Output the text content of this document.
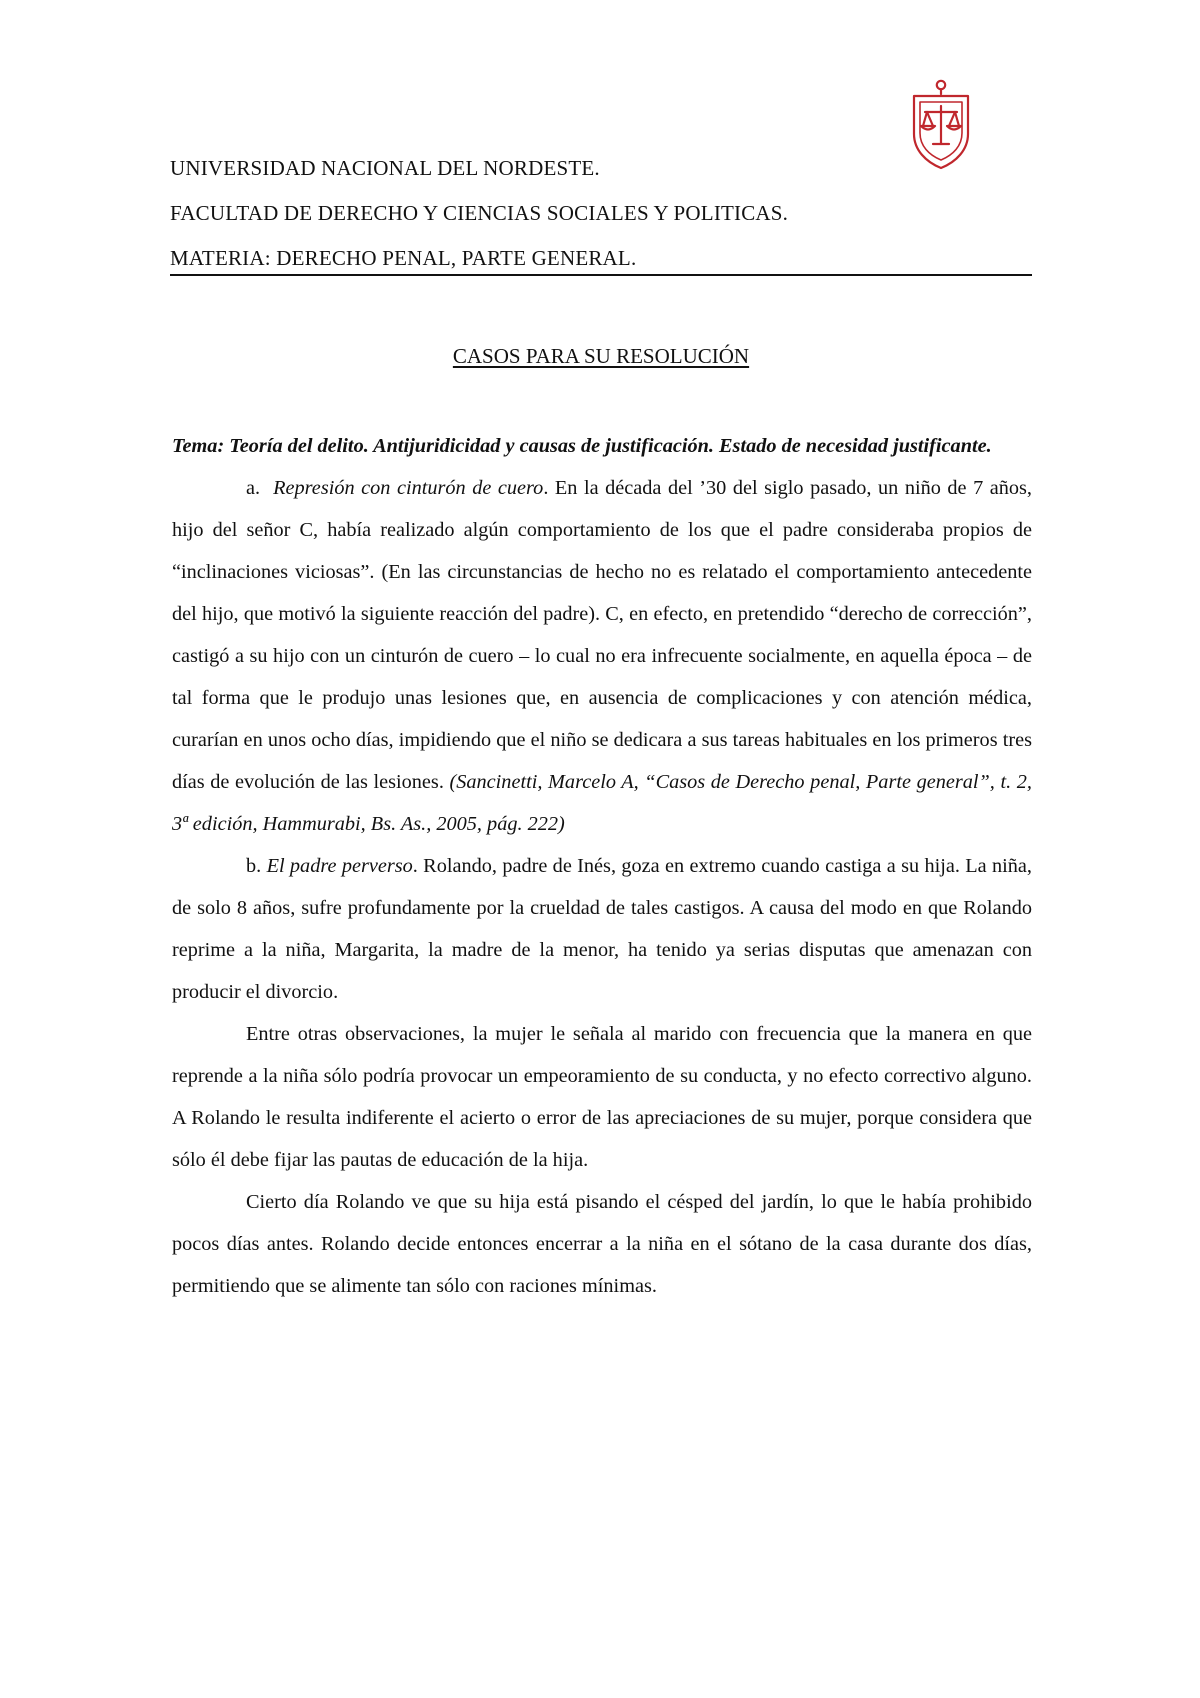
UNIVERSIDAD NACIONAL DEL NORDESTE.
FACULTAD DE DERECHO Y CIENCIAS SOCIALES Y POLITICAS.
MATERIA: DERECHO PENAL, PARTE GENERAL.
CASOS PARA SU RESOLUCIÓN

Tema: Teoría del delito. Antijuridicidad y causas de justificación. Estado de necesidad justificante.

a. Represión con cinturón de cuero. En la década del ’30 del siglo pasado, un niño de 7 años, hijo del señor C, había realizado algún comportamiento de los que el padre consideraba propios de “inclinaciones viciosas”. (En las circunstancias de hecho no es relatado el comportamiento antecedente del hijo, que motivó la siguiente reacción del padre). C, en efecto, en pretendido “derecho de corrección”, castigó a su hijo con un cinturón de cuero – lo cual no era infrecuente socialmente, en aquella época – de tal forma que le produjo unas lesiones que, en ausencia de complicaciones y con atención médica, curarían en unos ocho días, impidiendo que el niño se dedicara a sus tareas habituales en los primeros tres días de evolución de las lesiones. (Sancinetti, Marcelo A, “Casos de Derecho penal, Parte general”, t. 2, 3ª edición, Hammurabi, Bs. As., 2005, pág. 222)

b. El padre perverso. Rolando, padre de Inés, goza en extremo cuando castiga a su hija. La niña, de solo 8 años, sufre profundamente por la crueldad de tales castigos. A causa del modo en que Rolando reprime a la niña, Margarita, la madre de la menor, ha tenido ya serias disputas que amenazan con producir el divorcio.

Entre otras observaciones, la mujer le señala al marido con frecuencia que la manera en que reprende a la niña sólo podría provocar un empeoramiento de su conducta, y no efecto correctivo alguno. A Rolando le resulta indiferente el acierto o error de las apreciaciones de su mujer, porque considera que sólo él debe fijar las pautas de educación de la hija.

Cierto día Rolando ve que su hija está pisando el césped del jardín, lo que le había prohibido pocos días antes. Rolando decide entonces encerrar a la niña en el sótano de la casa durante dos días, permitiendo que se alimente tan sólo con raciones mínimas.
